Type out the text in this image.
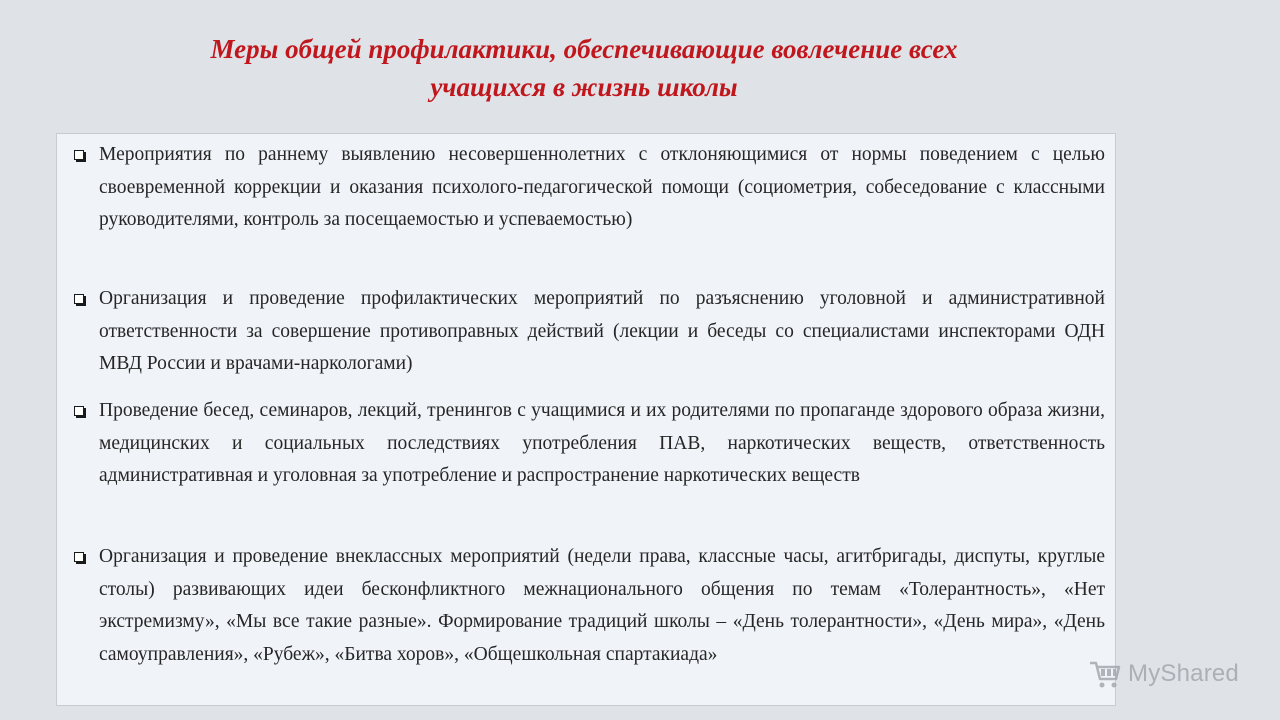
Меры общей профилактики, обеспечивающие вовлечение всех
учащихся в жизнь школы
Мероприятия по раннему выявлению несовершеннолетних с отклоняющимися от нормы поведением с целью своевременной коррекции и оказания психолого-педагогической помощи (социометрия, собеседование с классными руководителями, контроль за посещаемостью и успеваемостью)
Организация и проведение профилактических мероприятий по разъяснению уголовной и административной ответственности за совершение противоправных действий (лекции и беседы со специалистами инспекторами ОДН МВД России и врачами-наркологами)
Проведение бесед, семинаров, лекций, тренингов с учащимися и их родителями по пропаганде здорового образа жизни, медицинских и социальных последствиях употребления ПАВ, наркотических веществ, ответственность административная и уголовная за употребление и распространение наркотических веществ
Организация и проведение внеклассных мероприятий (недели права, классные часы, агитбригады, диспуты, круглые столы) развивающих идеи бесконфликтного межнационального общения по темам «Толерантность», «Нет экстремизму», «Мы все такие разные». Формирование традиций школы – «День толерантности», «День мира», «День самоуправления», «Рубеж», «Битва хоров», «Общешкольная спартакиада»
MyShared
